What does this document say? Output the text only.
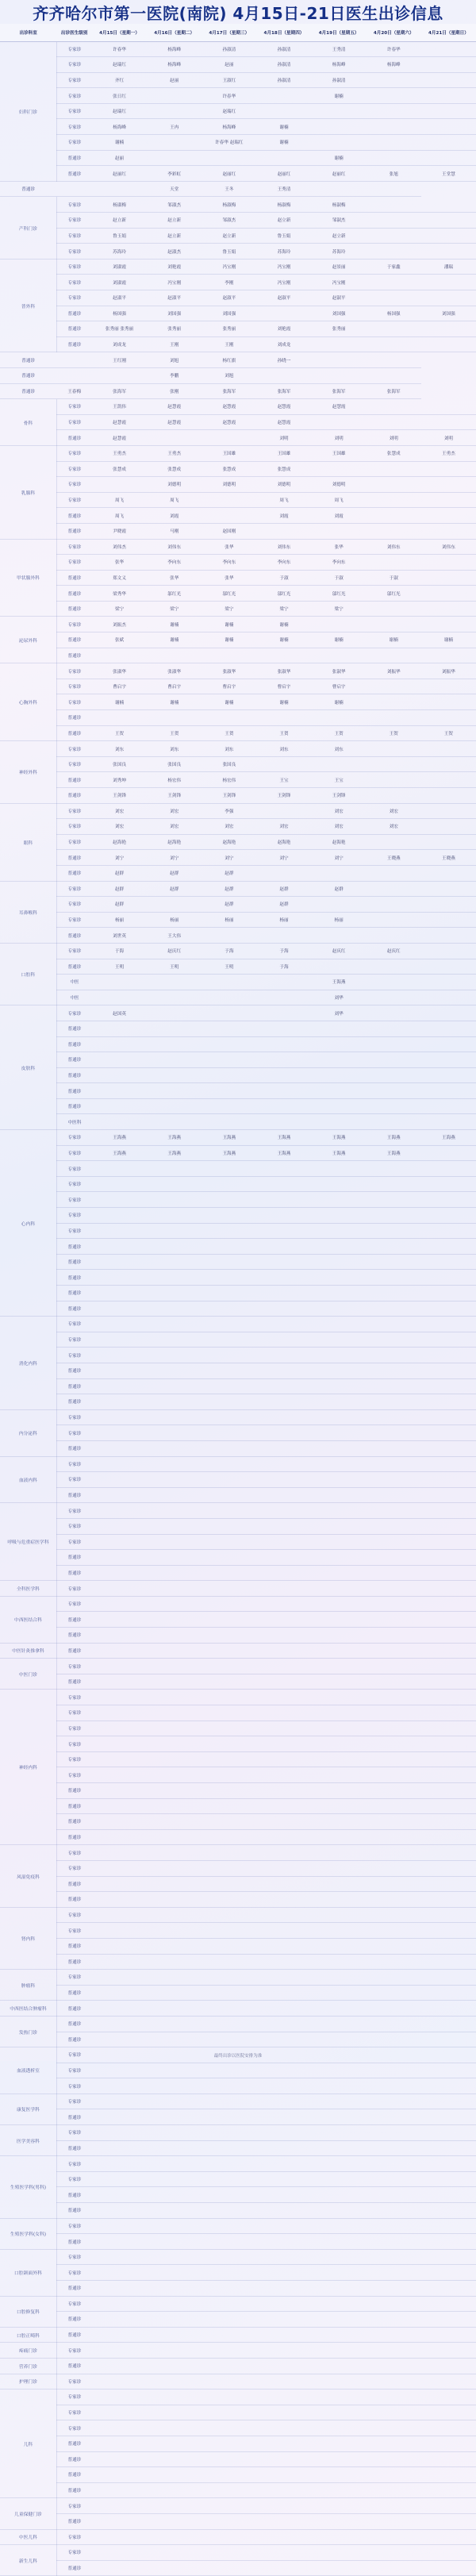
齐齐哈尔市第一医院(南院) 4月15日-21日医生出诊信息
出诊科室	出诊医生级别	4月15日（星期一）	4月16日（星期二）	4月17日（星期三）	4月18日（星期四）	4月19日（星期五）	4月20日（星期六）	4月21日（星期日）
妇科门诊	专家诊	许春华	杨海峰	孙淑清	孙淑清	王秀清	许春华	
	专家诊	赵瑞红	杨海峰	赵丽	孙淑清	杨海峰	杨海峰	
	专家诊	齐红	赵丽	王淑红	孙淑清	孙淑清		
	专家诊	张日红		许春华		谢楠		
	专家诊	赵瑞红		赵瑞红				
	专家诊	杨海峰	王冉	杨海峰	谢楠			
	专家诊	谢楠		许春华 赵瑞红	谢楠			
	普通诊	赵丽				谢楠		
	普通诊	赵丽红	李彩虹	赵丽红	赵丽红	赵丽红	张旭	王堂慧
普通诊			天堂	王冬	王秀清			
产科门诊	专家诊	杨淑梅	邹淑杰	杨淑梅	杨淑梅	杨淑梅		
	专家诊	赵立新	赵立新	邹淑杰	赵立新	邹淑杰		
	专家诊	鲁玉娟	赵立新	赵立新	鲁玉娟	赵立新		
	专家诊	苏海玲	赵淑杰	鲁玉娟	苏海玲	苏海玲		
普外科	专家诊	刘淑霞	刘艳霞	冯宝刚	冯宝刚	赵景丽	于家鑫	潘瑞
	专家诊	刘淑霞	冯宝刚	李刚	冯宝刚	冯宝刚		
	专家诊	赵淑平	赵淑平	赵淑平	赵淑平	赵淑平		
	普通诊	杨国强	刘国强	刘国强		刘国强	杨国强	刘国强
	普通诊	张秀丽 张秀丽	张秀丽	张秀丽	刘艳霞	张秀丽		
	普通诊	刘成龙	王刚	王刚	刘成龙			
普通诊		王红刚	刘旭	杨红旗	孙晓一			
普通诊			李鹏	刘旭				
普通诊	王春梅	张海军	张刚	张海军	张海军	张海军	张海军	
骨科	专家诊	王凯伟	赵慧霞	赵慧霞	赵慧霞	赵慧霞		
	专家诊	赵慧霞	赵慧霞	赵慧霞	赵慧霞			
	普通诊	赵慧霞			刘明	刘明	刘明	刘明
乳腺科	专家诊	王勇杰	王勇杰	王国雄	王国雄	王国雄	张慧成	王勇杰
	专家诊	张慧成	张慧成	张慧成	张慧成			
	专家诊		刘德明	刘德明	刘德明	刘德明		
	专家诊	周飞	周飞		周飞	周飞		
	普通诊	周飞	刘霞		刘霞	刘霞		
	普通诊	尹晓霞	马刚	赵国刚				
甲状腺外科	专家诊	刘伟杰	刘伟东	张华	刘伟东	张华	刘伟东	刘伟东
	专家诊	张华	李向东	李向东	李向东	李向东		
	普通诊	郑文义	张华	张华	于淑	于淑	于淑	
	普通诊	梁秀华	邬红光	邬红光	邬红光	邬红光	邬红光	
	普通诊	梁宁	梁宁	梁宁	梁宁	梁宁		
泌尿外科	专家诊	刘振杰	谢楠	谢楠	谢楠			
	普通诊	张斌	谢楠	谢楠	谢楠	谢楠	谢楠	谢楠
	普通诊							
心胸外科	专家诊	张淑华	张淑华	张淑华	张淑华	张淑华	刘振华	刘振华
	专家诊	曹启宇	曹启宇	曹启宇	曹启宇	曹启宇		
	专家诊	谢楠	谢楠	谢楠	谢楠	谢楠		
	普通诊							
	普通诊	王贺	王贺	王贺	王贺	王贺	王贺	王贺
神经外科	专家诊	刘东	刘东	刘东	刘东	刘东		
	专家诊	张国良	张国良	张国良				
	普通诊	刘秀坤	杨宏伟	杨宏伟	王宝	王宝		
	普通诊	王剑锋	王剑锋	王剑锋	王剑锋	王剑锋		
眼科	专家诊	刘宏	刘宏	李强		刘宏	刘宏	
	专家诊	刘宏	刘宏	刘宏	刘宏	刘宏	刘宏	
	专家诊	赵海艳	赵海艳	赵海艳	赵海艳	赵海艳		
	普通诊	刘宁	刘宁	刘宁	刘宁	刘宁	王晓燕	王晓燕
	普通诊	赵群	赵群	赵群				
耳鼻喉科	专家诊	赵群	赵群	赵群	赵群	赵群		
	专家诊	赵群		赵群	赵群			
	专家诊	杨丽	杨丽	杨丽	杨丽	杨丽		
	普通诊	刘世英	王大伟					
口腔科	专家诊	于海	赵庆红	于海	于海	赵庆红	赵庆红	
	普通诊	王明	王明	王明	于海			
	中医					王海燕		
	中医					刘华		
皮肤科	专家诊	赵国英				刘华		
	普通诊							
	普通诊							
	普通诊							
	普通诊							
	普通诊							
	普通诊							
	中医科							
心内科	专家诊	王海燕	王海燕	王海燕	王海燕	王海燕	王海燕	王海燕
	专家诊	王海燕	王海燕	王海燕	王海燕	王海燕	王海燕	
	专家诊							
	专家诊							
	专家诊							
	专家诊							
	专家诊							
	普通诊							
	普通诊							
	普通诊							
	普通诊							
	普通诊							
消化内科	专家诊							
	专家诊							
	专家诊							
	普通诊							
	普通诊							
	普通诊							
内分泌科	专家诊							
	专家诊							
	普通诊							
血液内科	专家诊							
	专家诊							
	普通诊							
呼吸与危重症医学科	专家诊							
	专家诊							
	专家诊							
	普通诊							
	普通诊							
全科医学科	专家诊							
中西医结合科	专家诊							
	普通诊							
	普通诊							
中医针灸推拿科	普通诊							
中医门诊	专家诊							
	普通诊							
神经内科	专家诊							
	专家诊							
	专家诊							
	专家诊							
	专家诊							
	专家诊							
	普通诊							
	普通诊							
	普通诊							
	普通诊							
风湿免疫科	专家诊							
	专家诊							
	普通诊							
	普通诊							
肾内科	专家诊							
	专家诊							
	普通诊							
	普通诊							
肿瘤科	专家诊							
	普通诊							
中西医结合肿瘤科	普通诊							
发热门诊	普通诊							
	普通诊							
血液透析室	专家诊							
	专家诊							
	专家诊							
康复医学科	专家诊							
	普通诊							
医学美容科	专家诊							
	普通诊							
生殖医学科(男科)	专家诊							
	专家诊							
	普通诊							
	普通诊							
生殖医学科(女科)	专家诊							
	普通诊							
口腔颌面外科	专家诊							
	专家诊							
	普通诊							
口腔修复科	专家诊							
	普通诊							
口腔正畸科	普通诊							
疼痛门诊	专家诊							
营养门诊	普通诊							
护理门诊	专家诊							
儿科	专家诊							
	专家诊							
	专家诊							
	普通诊							
	普通诊							
	普通诊							
	普通诊							
儿童保健门诊	专家诊							
	普通诊							
中医儿科	专家诊							
新生儿科	专家诊							
	普通诊							
最终出诊以医院安排为准
